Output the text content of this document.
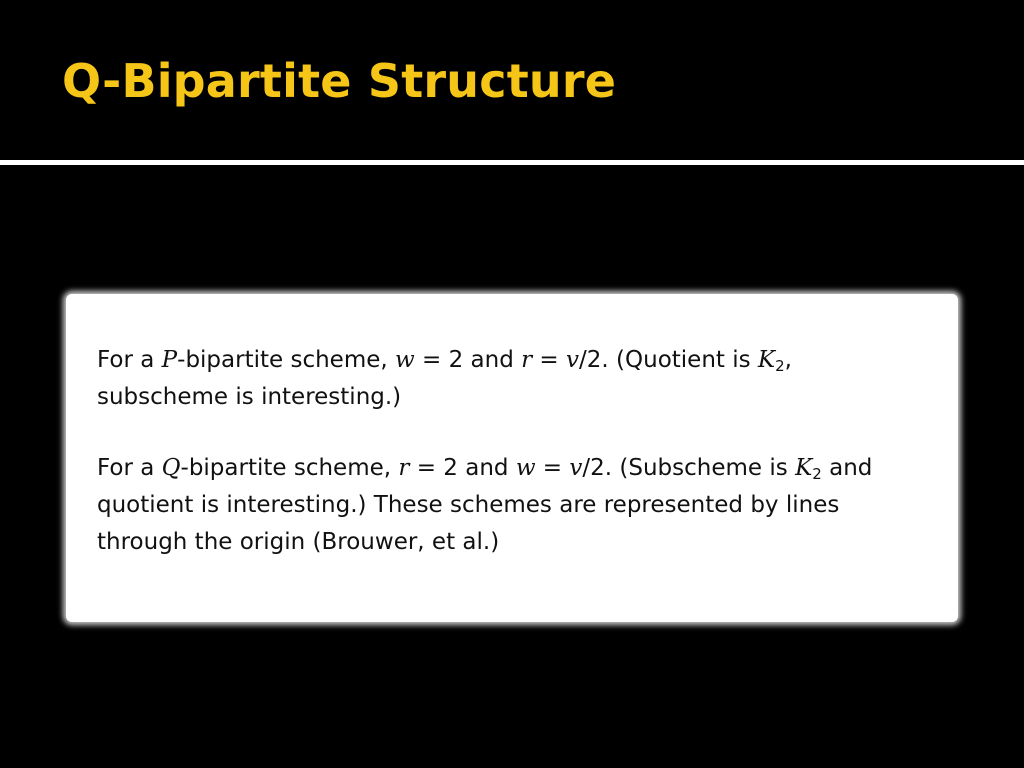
Q-Bipartite Structure

For a P-bipartite scheme, w = 2 and r = v/2. (Quotient is $K_2$, subscheme is interesting.)

For a Q-bipartite scheme, r = 2 and w = v/2. (Subscheme is $K_2$ and quotient is interesting.) These schemes are represented by lines through the origin (Brouwer, et al.)
